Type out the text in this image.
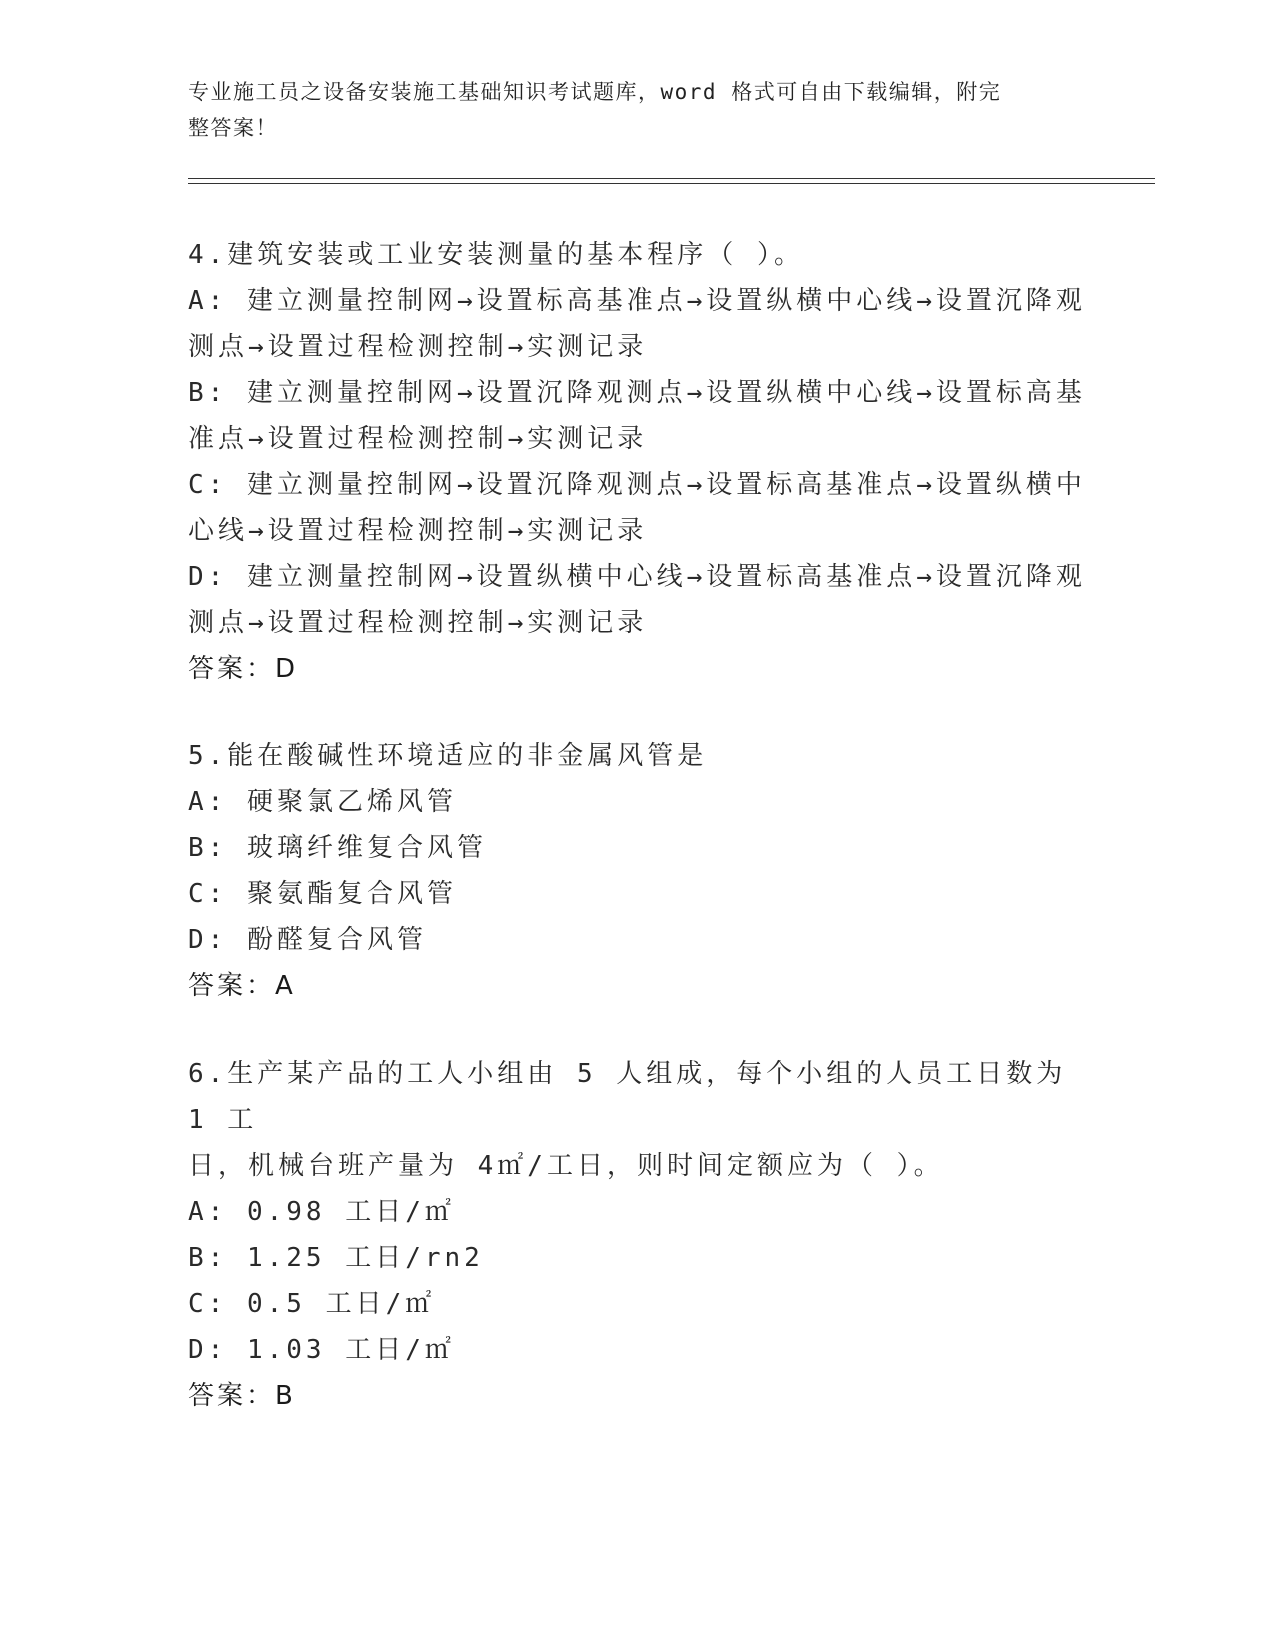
专业施工员之设备安装施工基础知识考试题库，word 格式可自由下载编辑，附完
整答案！
4.建筑安装或工业安装测量的基本程序（ ）。
A: 建立测量控制网→设置标高基准点→设置纵横中心线→设置沉降观
测点→设置过程检测控制→实测记录
B: 建立测量控制网→设置沉降观测点→设置纵横中心线→设置标高基
准点→设置过程检测控制→实测记录
C: 建立测量控制网→设置沉降观测点→设置标高基准点→设置纵横中
心线→设置过程检测控制→实测记录
D: 建立测量控制网→设置纵横中心线→设置标高基准点→设置沉降观
测点→设置过程检测控制→实测记录
答案：D
5.能在酸碱性环境适应的非金属风管是
A: 硬聚氯乙烯风管
B: 玻璃纤维复合风管
C: 聚氨酯复合风管
D: 酚醛复合风管
答案：A
6.生产某产品的工人小组由 5 人组成，每个小组的人员工日数为 1 工
日，机械台班产量为 4㎡/工日，则时间定额应为（ ）。
A: 0.98 工日/㎡
B: 1.25 工日/rn2
C: 0.5 工日/㎡
D: 1.03 工日/㎡
答案：B
